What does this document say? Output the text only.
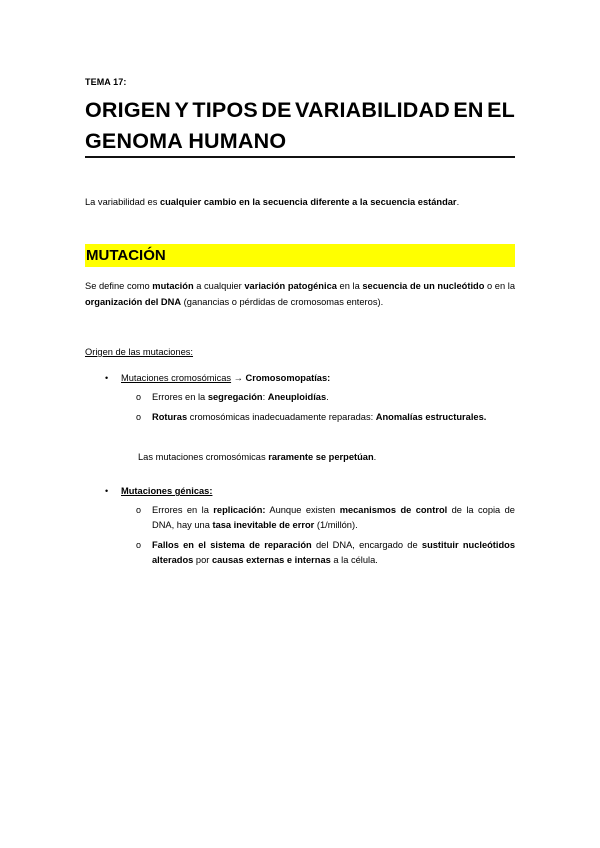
TEMA 17:
ORIGEN Y TIPOS DE VARIABILIDAD EN EL
GENOMA HUMANO
La variabilidad es cualquier cambio en la secuencia diferente a la secuencia estándar.
MUTACIÓN
Se define como mutación a cualquier variación patogénica en la secuencia de un nucleótido o en la organización del DNA (ganancias o pérdidas de cromosomas enteros).
Origen de las mutaciones:
• Mutaciones cromosómicas → Cromosomopatías:
o Errores en la segregación: Aneuploidías.
o Roturas cromosómicas inadecuadamente reparadas: Anomalías estructurales.
Las mutaciones cromosómicas raramente se perpetúan.
• Mutaciones génicas:
o Errores en la replicación: Aunque existen mecanismos de control de la copia de DNA, hay una tasa inevitable de error (1/millón).
o Fallos en el sistema de reparación del DNA, encargado de sustituir nucleótidos alterados por causas externas e internas a la célula.
